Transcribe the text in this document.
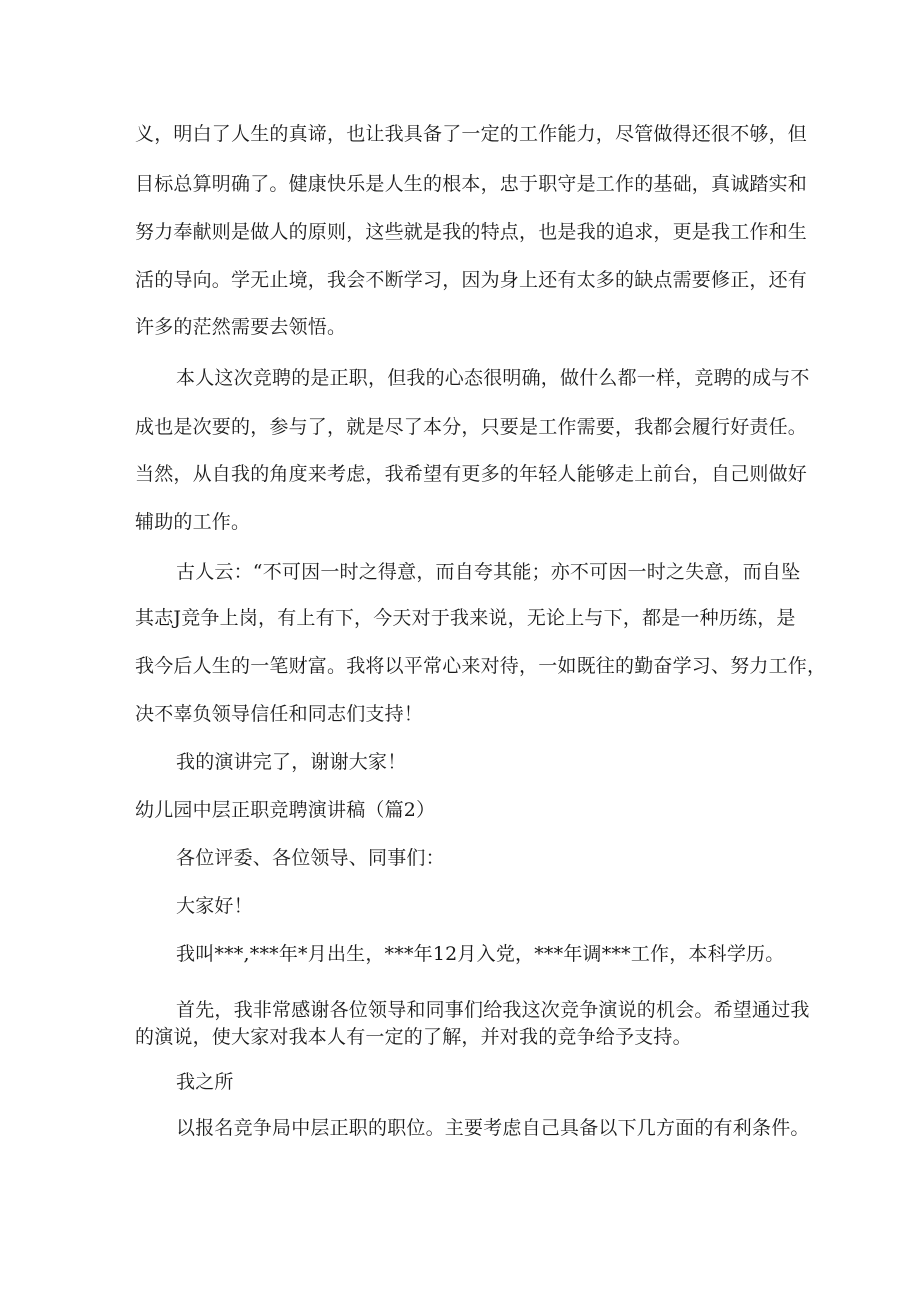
义，明白了人生的真谛，也让我具备了一定的工作能力，尽管做得还很不够，但
目标总算明确了。健康快乐是人生的根本，忠于职守是工作的基础，真诚踏实和
努力奉献则是做人的原则，这些就是我的特点，也是我的追求，更是我工作和生
活的导向。学无止境，我会不断学习，因为身上还有太多的缺点需要修正，还有
许多的茫然需要去领悟。
本人这次竞聘的是正职，但我的心态很明确，做什么都一样，竞聘的成与不
成也是次要的，参与了，就是尽了本分，只要是工作需要，我都会履行好责任。
当然，从自我的角度来考虑，我希望有更多的年轻人能够走上前台，自己则做好
辅助的工作。
古人云：“不可因一时之得意，而自夸其能；亦不可因一时之失意，而自坠
其志J竞争上岗，有上有下，今天对于我来说，无论上与下，都是一种历练，是
我今后人生的一笔财富。我将以平常心来对待，一如既往的勤奋学习、努力工作，
决不辜负领导信任和同志们支持！
我的演讲完了，谢谢大家！
幼儿园中层正职竞聘演讲稿（篇2）
各位评委、各位领导、同事们：
大家好！
我叫***,***年*月出生，***年12月入党，***年调***工作，本科学历。
首先，我非常感谢各位领导和同事们给我这次竞争演说的机会。希望通过我
的演说，使大家对我本人有一定的了解，并对我的竞争给予支持。
我之所
以报名竞争局中层正职的职位。主要考虑自己具备以下几方面的有利条件。
